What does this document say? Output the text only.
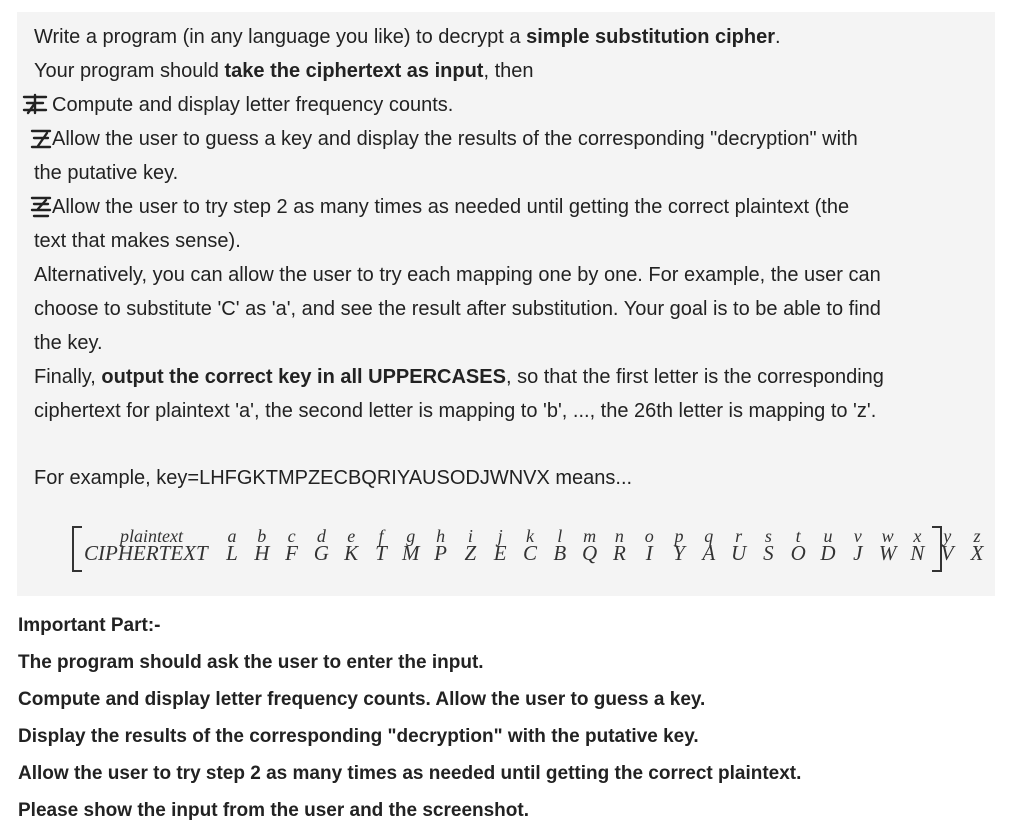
Write a program (in any language you like) to decrypt a simple substitution cipher.
Your program should take the ciphertext as input, then
Compute and display letter frequency counts.
Allow the user to guess a key and display the results of the corresponding "decryption" with
the putative key.
Allow the user to try step 2 as many times as needed until getting the correct plaintext (the
text that makes sense).
Alternatively, you can allow the user to try each mapping one by one. For example, the user can
choose to substitute 'C' as 'a', and see the result after substitution. Your goal is to be able to find
the key.
Finally, output the correct key in all UPPERCASES, so that the first letter is the corresponding
ciphertext for plaintext 'a', the second letter is mapping to 'b', ..., the 26th letter is mapping to 'z'.
For example, key=LHFGKTMPZECBQRIYAUSODJWNVX means...
plaintext
CIPHERTEXT
a
L
b
H
c
F
d
G
e
K
f
T
g
M
h
P
i
Z
j
E
k
C
l
B
m
Q
n
R
o
I
p
Y
q
A
r
U
s
S
t
O
u
D
v
J
w
W
x
N
y
V
z
X
Important Part:-
The program should ask the user to enter the input.
Compute and display letter frequency counts. Allow the user to guess a key.
Display the results of the corresponding "decryption" with the putative key.
Allow the user to try step 2 as many times as needed until getting the correct plaintext.
Please show the input from the user and the screenshot.
